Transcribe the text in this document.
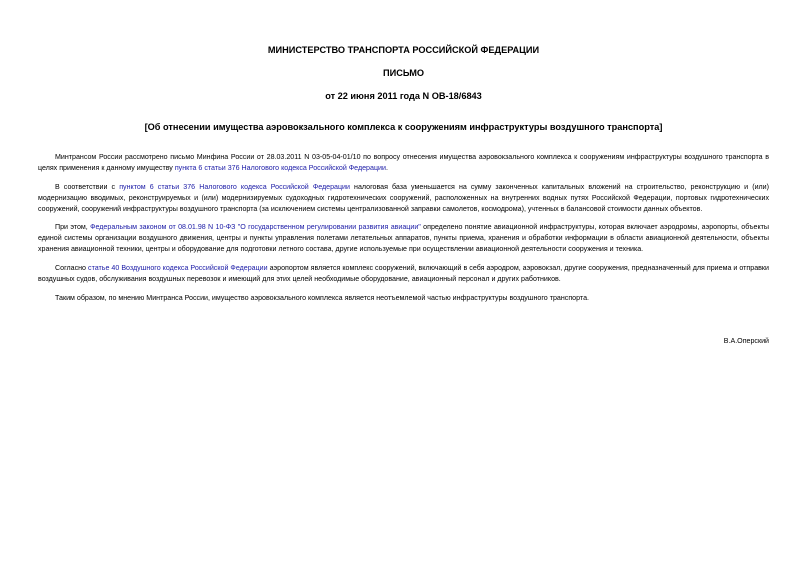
МИНИСТЕРСТВО ТРАНСПОРТА РОССИЙСКОЙ ФЕДЕРАЦИИ
ПИСЬМО
от 22 июня 2011 года N ОВ-18/6843
[Об отнесении имущества аэровокзального комплекса к сооружениям инфраструктуры воздушного транспорта]

Минтрансом России рассмотрено письмо Минфина России от 28.03.2011 N 03-05-04-01/10 по вопросу отнесения имущества аэровокзального комплекса к сооружениям инфраструктуры воздушного транспорта в целях применения к данному имуществу пункта 6 статьи 376 Налогового кодекса Российской Федерации.

В соответствии с пунктом 6 статьи 376 Налогового кодекса Российской Федерации налоговая база уменьшается на сумму законченных капитальных вложений на строительство, реконструкцию и (или) модернизацию вводимых, реконструируемых и (или) модернизируемых судоходных гидротехнических сооружений, расположенных на внутренних водных путях Российской Федерации, портовых гидротехнических сооружений, сооружений инфраструктуры воздушного транспорта (за исключением системы централизованной заправки самолетов, космодрома), учтенных в балансовой стоимости данных объектов.

При этом, Федеральным законом от 08.01.98 N 10-ФЗ "О государственном регулировании развития авиации" определено понятие авиационной инфраструктуры, которая включает аэродромы, аэропорты, объекты единой системы организации воздушного движения, центры и пункты управления полетами летательных аппаратов, пункты приема, хранения и обработки информации в области авиационной деятельности, объекты хранения авиационной техники, центры и оборудование для подготовки летного состава, другие используемые при осуществлении авиационной деятельности сооружения и техника.

Согласно статье 40 Воздушного кодекса Российской Федерации аэропортом является комплекс сооружений, включающий в себя аэродром, аэровокзал, другие сооружения, предназначенный для приема и отправки воздушных судов, обслуживания воздушных перевозок и имеющий для этих целей необходимые оборудование, авиационный персонал и других работников.

Таким образом, по мнению Минтранса России, имущество аэровокзального комплекса является неотъемлемой частью инфраструктуры воздушного транспорта.

В.А.Оперский
